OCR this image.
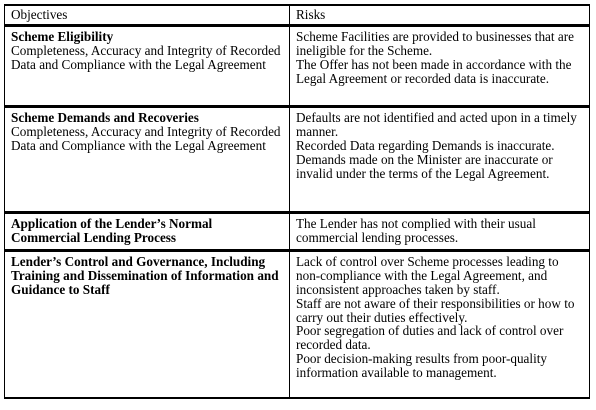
Objectives	Risks

Scheme Eligibility
Completeness, Accuracy and Integrity of Recorded Data and Compliance with the Legal Agreement	Scheme Facilities are provided to businesses that are ineligible for the Scheme.
The Offer has not been made in accordance with the Legal Agreement or recorded data is inaccurate.

Scheme Demands and Recoveries
Completeness, Accuracy and Integrity of Recorded Data and Compliance with the Legal Agreement	Defaults are not identified and acted upon in a timely manner.
Recorded Data regarding Demands is inaccurate.
Demands made on the Minister are inaccurate or invalid under the terms of the Legal Agreement.

Application of the Lender’s Normal Commercial Lending Process	The Lender has not complied with their usual commercial lending processes.

Lender’s Control and Governance, Including Training and Dissemination of Information and Guidance to Staff	Lack of control over Scheme processes leading to non-compliance with the Legal Agreement, and inconsistent approaches taken by staff.
Staff are not aware of their responsibilities or how to carry out their duties effectively.
Poor segregation of duties and lack of control over recorded data.
Poor decision-making results from poor-quality information available to management.
